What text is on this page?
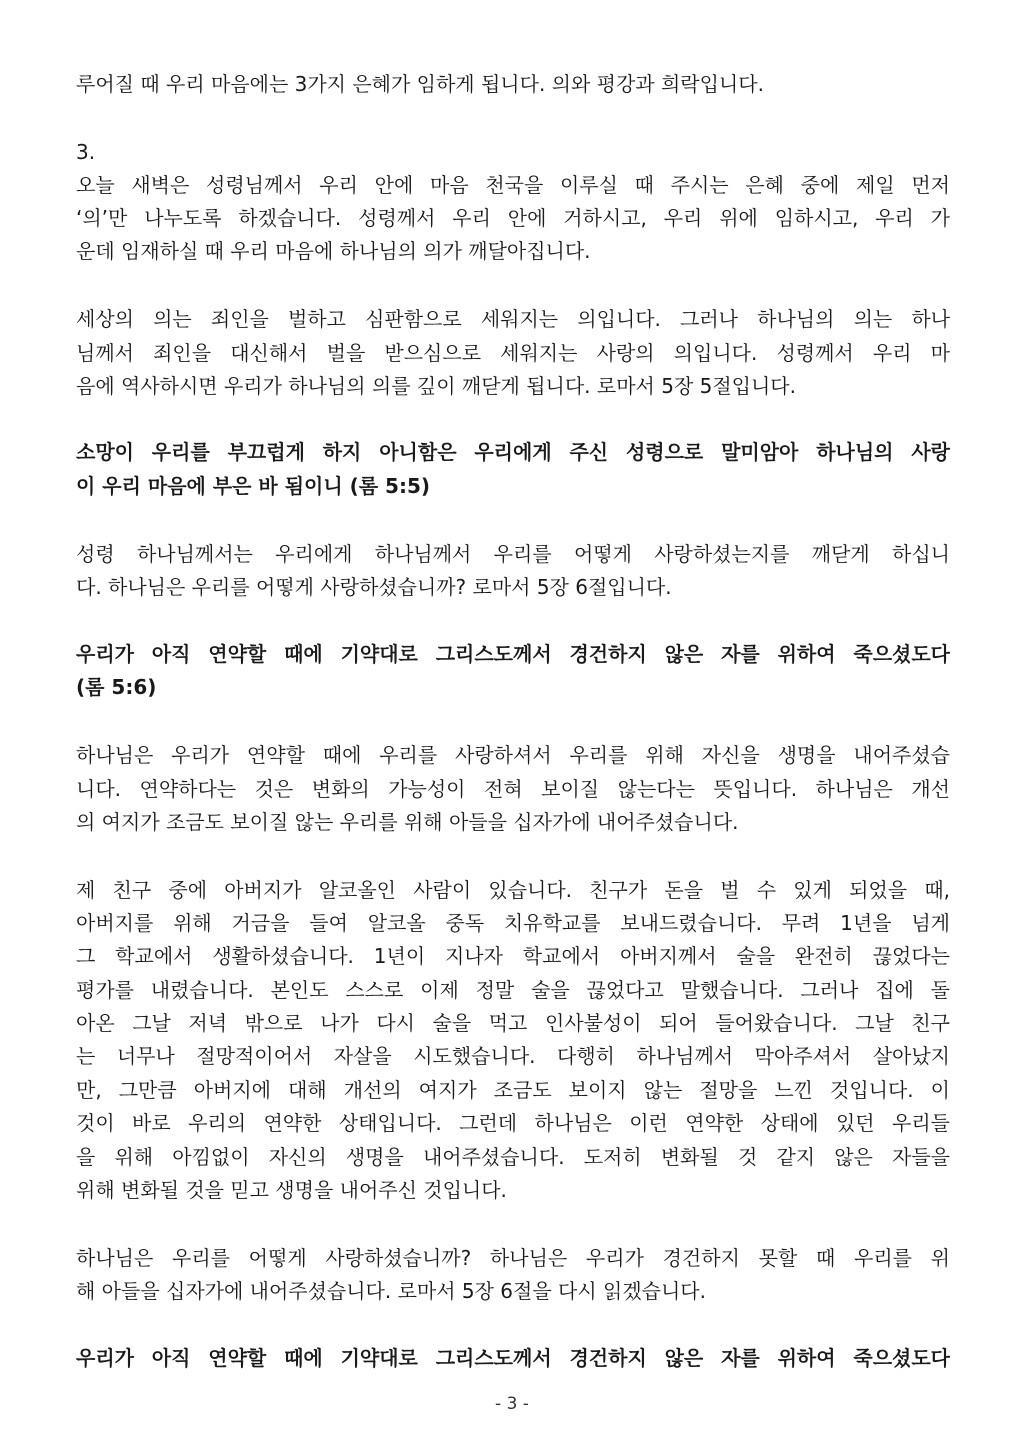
루어질 때 우리 마음에는 3가지 은혜가 임하게 됩니다. 의와 평강과 희락입니다.
3.
오늘 새벽은 성령님께서 우리 안에 마음 천국을 이루실 때 주시는 은혜 중에 제일 먼저
‘의’만 나누도록 하겠습니다. 성령께서 우리 안에 거하시고, 우리 위에 임하시고, 우리 가
운데 임재하실 때 우리 마음에 하나님의 의가 깨달아집니다.
세상의 의는 죄인을 벌하고 심판함으로 세워지는 의입니다. 그러나 하나님의 의는 하나
님께서 죄인을 대신해서 벌을 받으심으로 세워지는 사랑의 의입니다. 성령께서 우리 마
음에 역사하시면 우리가 하나님의 의를 깊이 깨닫게 됩니다. 로마서 5장 5절입니다.
소망이 우리를 부끄럽게 하지 아니함은 우리에게 주신 성령으로 말미암아 하나님의 사랑
이 우리 마음에 부은 바 됨이니 (롬 5:5)
성령 하나님께서는 우리에게 하나님께서 우리를 어떻게 사랑하셨는지를 깨닫게 하십니
다. 하나님은 우리를 어떻게 사랑하셨습니까? 로마서 5장 6절입니다.
우리가 아직 연약할 때에 기약대로 그리스도께서 경건하지 않은 자를 위하여 죽으셨도다
(롬 5:6)
하나님은 우리가 연약할 때에 우리를 사랑하셔서 우리를 위해 자신을 생명을 내어주셨습
니다. 연약하다는 것은 변화의 가능성이 전혀 보이질 않는다는 뜻입니다. 하나님은 개선
의 여지가 조금도 보이질 않는 우리를 위해 아들을 십자가에 내어주셨습니다.
제 친구 중에 아버지가 알코올인 사람이 있습니다. 친구가 돈을 벌 수 있게 되었을 때,
아버지를 위해 거금을 들여 알코올 중독 치유학교를 보내드렸습니다. 무려 1년을 넘게
그 학교에서 생활하셨습니다. 1년이 지나자 학교에서 아버지께서 술을 완전히 끊었다는
평가를 내렸습니다. 본인도 스스로 이제 정말 술을 끊었다고 말했습니다. 그러나 집에 돌
아온 그날 저녁 밖으로 나가 다시 술을 먹고 인사불성이 되어 들어왔습니다. 그날 친구
는 너무나 절망적이어서 자살을 시도했습니다. 다행히 하나님께서 막아주셔서 살아났지
만, 그만큼 아버지에 대해 개선의 여지가 조금도 보이지 않는 절망을 느낀 것입니다. 이
것이 바로 우리의 연약한 상태입니다. 그런데 하나님은 이런 연약한 상태에 있던 우리들
을 위해 아낌없이 자신의 생명을 내어주셨습니다. 도저히 변화될 것 같지 않은 자들을
위해 변화될 것을 믿고 생명을 내어주신 것입니다.
하나님은 우리를 어떻게 사랑하셨습니까? 하나님은 우리가 경건하지 못할 때 우리를 위
해 아들을 십자가에 내어주셨습니다. 로마서 5장 6절을 다시 읽겠습니다.
우리가 아직 연약할 때에 기약대로 그리스도께서 경건하지 않은 자를 위하여 죽으셨도다
- 3 -
